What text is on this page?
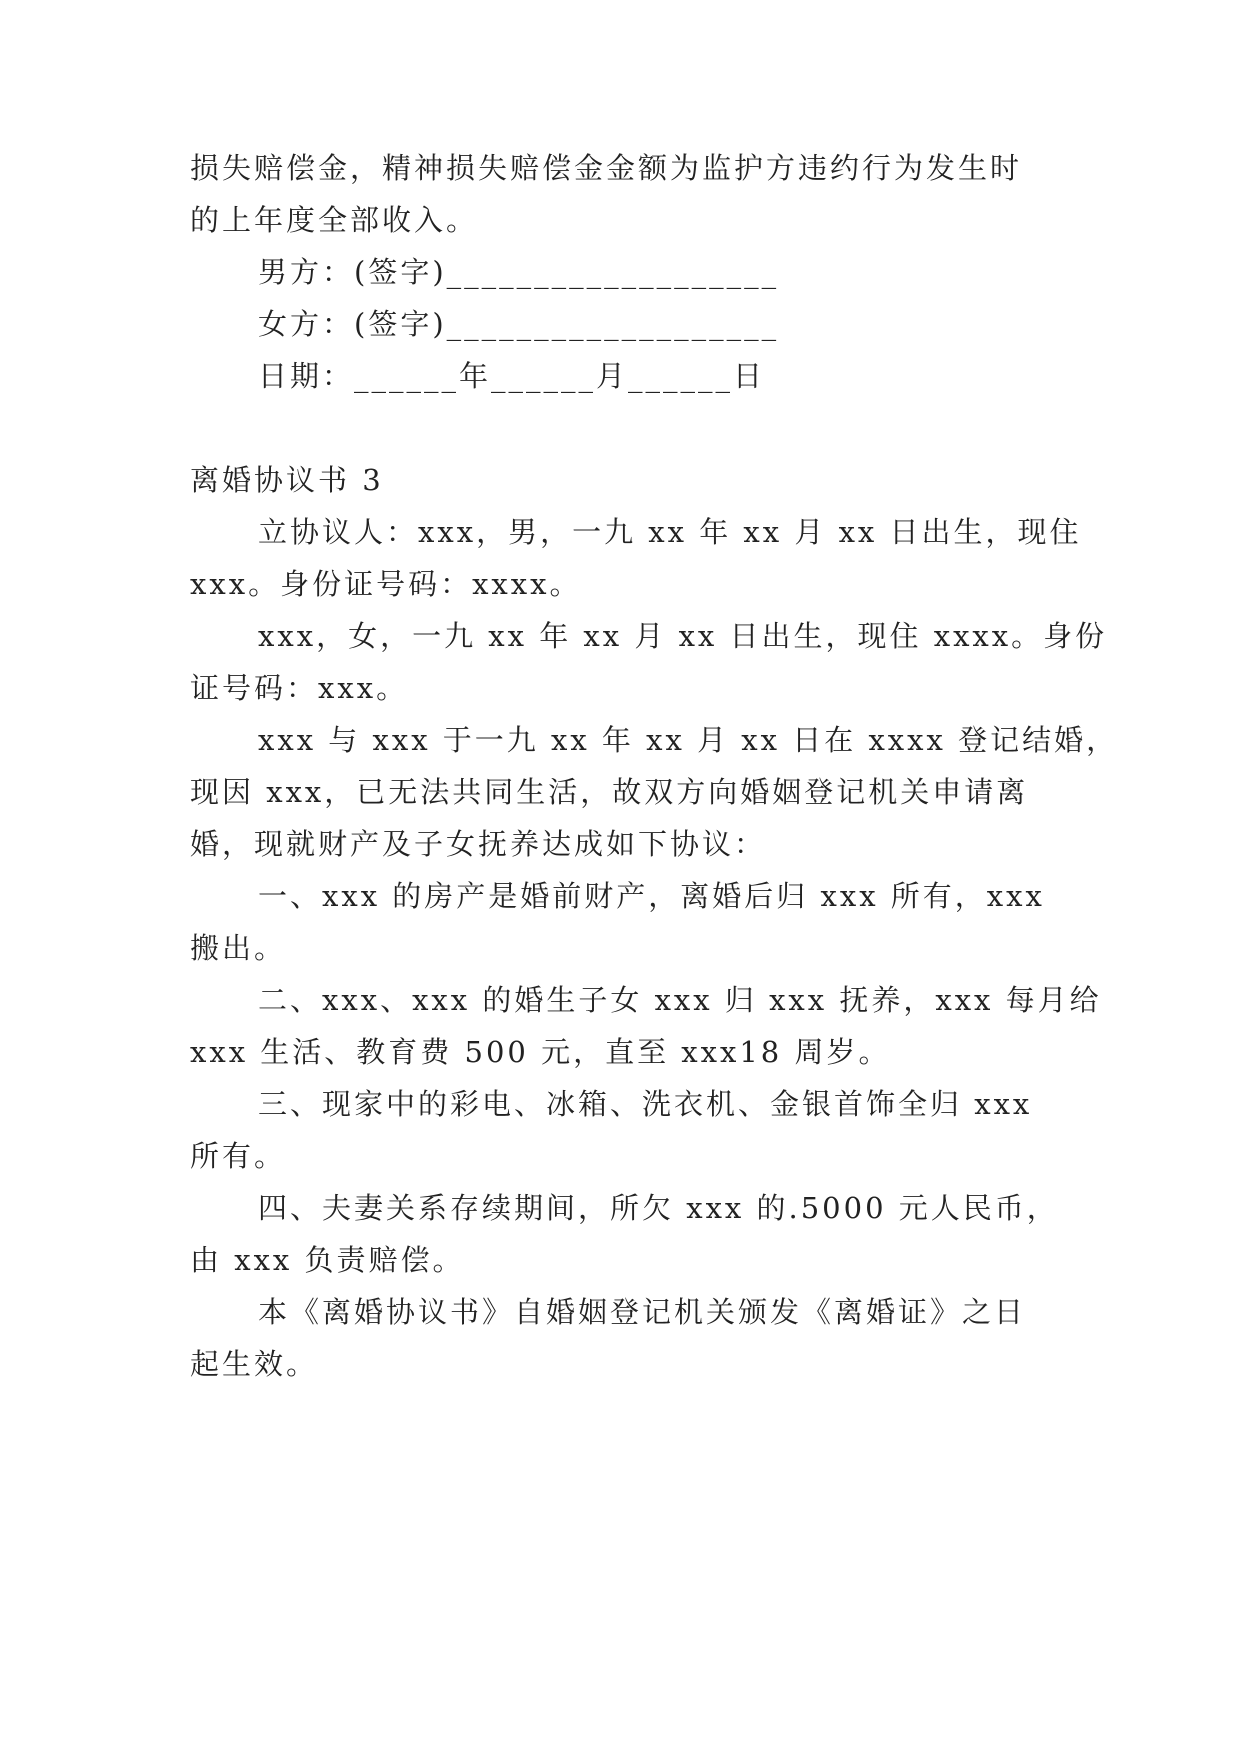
损失赔偿金，精神损失赔偿金金额为监护方违约行为发生时
的上年度全部收入。
男方：(签字)___________________
女方：(签字)___________________
日期：______年______月______日
离婚协议书 3
立协议人：xxx，男，一九 xx 年 xx 月 xx 日出生，现住
xxx。身份证号码：xxxx。
xxx，女，一九 xx 年 xx 月 xx 日出生，现住 xxxx。身份
证号码：xxx。
xxx 与 xxx 于一九 xx 年 xx 月 xx 日在 xxxx 登记结婚，
现因 xxx，已无法共同生活，故双方向婚姻登记机关申请离
婚，现就财产及子女抚养达成如下协议：
一、xxx 的房产是婚前财产，离婚后归 xxx 所有，xxx
搬出。
二、xxx、xxx 的婚生子女 xxx 归 xxx 抚养，xxx 每月给
xxx 生活、教育费 500 元，直至 xxx18 周岁。
三、现家中的彩电、冰箱、洗衣机、金银首饰全归 xxx
所有。
四、夫妻关系存续期间，所欠 xxx 的.5000 元人民币，
由 xxx 负责赔偿。
本《离婚协议书》自婚姻登记机关颁发《离婚证》之日
起生效。
